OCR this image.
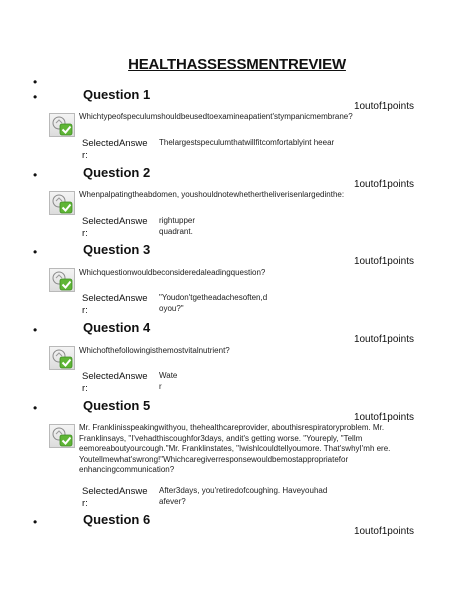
HEALTHASSESSMENTREVIEW
•
•	Question 1
1outof1points
Whichtypeofspeculumshouldbeusedtoexamineapatient'stympanicmembrane?
SelectedAnswe r:
Thelargestspeculumthatwillfitcomfortablyint heear
•	Question 2
1outof1points
Whenpalpatingtheabdomen, youshouldnotewhethertheliverisenlargedinthe:
SelectedAnswe r:
rightupper quadrant.
•	Question 3
1outof1points
Whichquestionwouldbeconsideredaleadingquestion?
SelectedAnswe r:
"Youdon'tgetheadachesoften,d oyou?"
•	Question 4
1outof1points
Whichofthefollowingisthemostvitalnutrient?
SelectedAnswe r:
Wate r
•	Question 5
1outof1points
Mr. Franklinisspeakingwithyou, thehealthcareprovider, abouthisrespiratoryproblem. Mr. Franklinsays, "I'vehadthiscoughfor3days, andit's getting worse. "Youreply, "Tellm eemoreaboutyourcough."Mr. Franklinstates, "Iwishlcouldtellyoumore. That'swhyI'mh ere. Youtellmewhat'swrong!"Whichcaregiverresponsewouldbemostappropriatefor enhancingcommunication?
SelectedAnswe r:
After3days, you'retiredofcoughing. Haveyouhad afever?
•	Question 6
1outof1points
